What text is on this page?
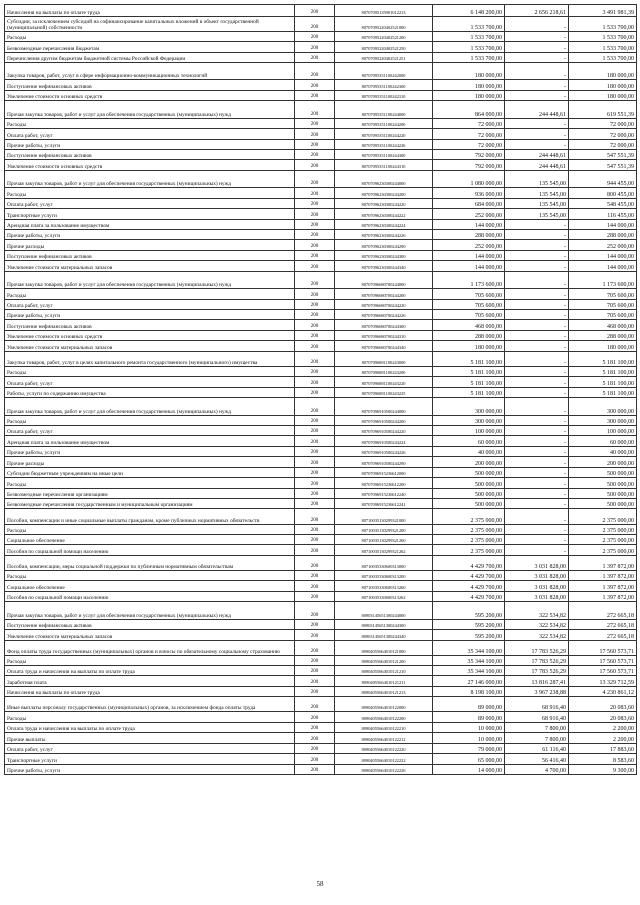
Начисления на выплаты по оплате труда	200	80707095135901012213	6 148 200,00	2 656 218,61	3 491 981,39
Субсидии, за исключением субсидий на софинансирование капитальных вложений в объект государственной (муниципальной) собственности	200	80707095220402521000	1 533 700,00	-	1 533 700,00
Расходы	200	80707095220402521200	1 533 700,00	-	1 533 700,00
Безвозмездные перечисления бюджетам	200	80707095220402521250	1 533 700,00	-	1 533 700,00
Перечисления другим бюджетам бюджетной системы Российской Федерации	200	80707095220402521251	1 533 700,00	-	1 533 700,00
Закупка товаров, работ, услуг в сфере информационно-коммуникационных технологий	200	80707095351100242000	180 000,00	-	180 000,00
Поступление нефинансовых активов	200	80707095351100242300	180 000,00	-	180 000,00
Увеличение стоимости основных средств	200	80707095351100242310	180 000,00	-	180 000,00
Прочая закупка товаров, работ и услуг для обеспечения государственных (муниципальных) нужд	200	80707095351100244000	864 000,00	244 448,61	619 551,39
Расходы	200	80707095351100244200	72 000,00	-	72 000,00
Оплата работ, услуг	200	80707095351100244220	72 000,00	-	72 000,00
Прочие работы, услуги	200	80707095351100244226	72 000,00	-	72 000,00
Поступление нефинансовых активов	200	80707095351100244300	792 000,00	244 448,61	547 551,39
Увеличение стоимости основных средств	200	80707095351100244310	792 000,00	244 448,61	547 551,39
Прочая закупка товаров, работ и услуг для обеспечения государственных (муниципальных) нужд	200	80707096230300244000	1 080 000,00	135 545,00	944 455,00
Расходы	200	80707096230300244200	936 000,00	135 545,00	800 455,00
Оплата работ, услуг	200	80707096230300244220	684 000,00	135 545,00	548 455,00
Транспортные услуги	200	80707096230300244222	252 000,00	135 545,00	116 455,00
Арендная плата за пользование имуществом	200	80707096230300244224	144 000,00	-	144 000,00
Прочие работы, услуги	200	80707096230300244226	288 000,00	-	288 000,00
Прочие расходы	200	80707096230300244290	252 000,00	-	252 000,00
Поступление нефинансовых активов	200	80707096230300244300	144 000,00	-	144 000,00
Увеличение стоимости материальных запасов	200	80707096230300244340	144 000,00	-	144 000,00
Прочая закупка товаров, работ и услуг для обеспечения государственных (муниципальных) нужд	200	80707096680700244000	1 173 600,00	-	1 173 600,00
Расходы	200	80707096680700244200	705 600,00	-	705 600,00
Оплата работ, услуг	200	80707096680700244220	705 600,00	-	705 600,00
Прочие работы, услуги	200	80707096680700244226	705 600,00	-	705 600,00
Поступление нефинансовых активов	200	80707096680700244300	468 000,00	-	468 000,00
Увеличение стоимости основных средств	200	80707096680700244310	288 000,00	-	288 000,00
Увеличение стоимости материальных запасов	200	80707096680700244340	180 000,00	-	180 000,00
Закупка товаров, работ, услуг в целях капитального ремонта государственного (муниципального) имущества	200	80707096881100243000	5 181 100,00	-	5 181 100,00
Расходы	200	80707096881100243200	5 181 100,00	-	5 181 100,00
Оплата работ, услуг	200	80707096881100243220	5 181 100,00	-	5 181 100,00
Работы, услуги по содержанию имущества	200	80707096881100243225	5 181 100,00	-	5 181 100,00
Прочая закупка товаров, работ и услуг для обеспечения государственных (муниципальных) нужд	200	80707096910500244000	300 000,00	-	300 000,00
Расходы	200	80707096910500244200	300 000,00	-	300 000,00
Оплата работ, услуг	200	80707096910500244220	100 000,00	-	100 000,00
Арендная плата за пользование имуществом	200	80707096910500244224	60 000,00	-	60 000,00
Прочие работы, услуги	200	80707096910500244226	40 000,00	-	40 000,00
Прочие расходы	200	80707096910500244290	200 000,00	-	200 000,00
Субсидии бюджетным учреждениям на иные цели	200	80707096915236612000	500 000,00	-	500 000,00
Расходы	200	80707096915236612200	500 000,00	-	500 000,00
Безвозмездные перечисления организациям	200	80707096915236612240	500 000,00	-	500 000,00
Безвозмездные перечисления государственным и муниципальным организациям	200	80707096915236612241	500 000,00	-	500 000,00
Пособия, компенсации и иные социальные выплаты гражданам, кроме публичных нормативных обязательств	200	80710035130299321000	2 375 000,00	-	2 375 000,00
Расходы	200	80710035130299321200	2 375 000,00	-	2 375 000,00
Социальное обеспечение	200	80710035130299321260	2 375 000,00	-	2 375 000,00
Пособия по социальной помощи населению	200	80710035130299321262	2 375 000,00	-	2 375 000,00
Пособия, компенсации, меры социальной поддержки по публичным нормативным обязательствам	200	80710035330600313000	4 429 700,00	3 031 828,00	1 397 872,00
Расходы	200	80710035330600313200	4 429 700,00	3 031 828,00	1 397 872,00
Социальное обеспечение	200	80710035330600313260	4 429 700,00	3 031 828,00	1 397 872,00
Пособия по социальной помощи населению	200	80710035330600313262	4 429 700,00	3 031 828,00	1 397 872,00
Прочая закупка товаров, работ и услуг для обеспечения государственных (муниципальных) нужд	200	80903145651300244000	595 200,00	322 534,82	272 665,18
Поступление нефинансовых активов	200	80903145651300244300	595 200,00	322 534,82	272 665,18
Увеличение стоимости материальных запасов	200	80903145651300244340	595 200,00	322 534,82	272 665,18
Фонд оплаты труда государственных (муниципальных) органов и взносы по обязательному социальному страхованию	200	80904055664010121000	35 344 100,00	17 783 526,29	17 560 573,71
Расходы	200	80904055664010121200	35 344 100,00	17 783 526,29	17 560 573,71
Оплата труда и начисления на выплаты по оплате труда	200	80904055664010121210	35 344 100,00	17 783 526,29	17 560 573,71
Заработная плата	200	80904055664010121211	27 146 000,00	13 816 287,41	13 329 712,59
Начисления на выплаты по оплате труда	200	80904055664010121213	8 198 100,00	3 967 238,88	4 230 861,12
Иные выплаты персоналу государственных (муниципальных) органов, за исключением фонда оплаты труда	200	80904055664010122000	89 000,00	68 916,40	20 083,60
Расходы	200	80904055664010122200	89 000,00	68 916,40	20 083,60
Оплата труда и начисления на выплаты по оплате труда	200	80904055664010122210	10 000,00	7 800,00	2 200,00
Прочие выплаты	200	80904055664010122212	10 000,00	7 800,00	2 200,00
Оплата работ, услуг	200	80904055664010122220	79 000,00	61 116,40	17 883,60
Транспортные услуги	200	80904055664010122222	65 000,00	56 416,40	8 583,60
Прочие работы, услуги	200	80904055664010122226	14 000,00	4 700,00	9 300,00
58
